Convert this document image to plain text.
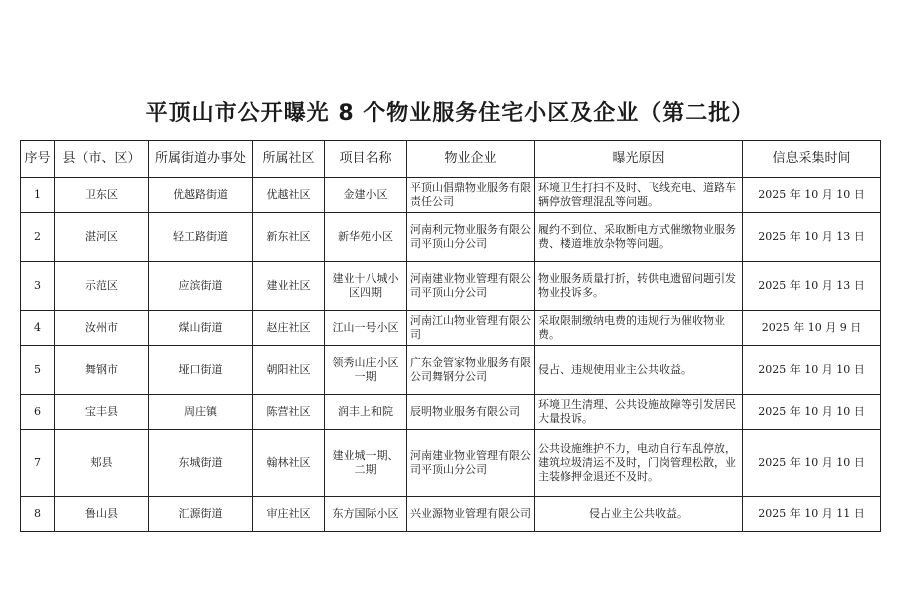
平顶山市公开曝光 8 个物业服务住宅小区及企业（第二批）
序号	县（市、区）	所属街道办事处	所属社区	项目名称	物业企业	曝光原因	信息采集时间
1	卫东区	优越路街道	优越社区	金建小区	平顶山倡鼎物业服务有限责任公司	环境卫生打扫不及时、飞线充电、道路车辆停放管理混乱等问题。	2025 年 10 月 10 日
2	湛河区	轻工路街道	新东社区	新华苑小区	河南利元物业服务有限公司平顶山分公司	履约不到位、采取断电方式催缴物业服务费、楼道堆放杂物等问题。	2025 年 10 月 13 日
3	示范区	应滨街道	建业社区	建业十八城小区四期	河南建业物业管理有限公司平顶山分公司	物业服务质量打折，转供电遗留问题引发物业投诉多。	2025 年 10 月 13 日
4	汝州市	煤山街道	赵庄社区	江山一号小区	河南江山物业管理有限公司	采取限制缴纳电费的违规行为催收物业费。	2025 年 10 月 9 日
5	舞钢市	垭口街道	朝阳社区	领秀山庄小区一期	广东金管家物业服务有限公司舞钢分公司	侵占、违规使用业主公共收益。	2025 年 10 月 10 日
6	宝丰县	周庄镇	陈营社区	润丰上和院	辰明物业服务有限公司	环境卫生清理、公共设施故障等引发居民大量投诉。	2025 年 10 月 10 日
7	郏县	东城街道	翰林社区	建业城一期、二期	河南建业物业管理有限公司平顶山分公司	公共设施维护不力，电动自行车乱停放，建筑垃圾清运不及时，门岗管理松散，业主装修押金退还不及时。	2025 年 10 月 10 日
8	鲁山县	汇源街道	审庄社区	东方国际小区	兴业源物业管理有限公司	侵占业主公共收益。	2025 年 10 月 11 日
